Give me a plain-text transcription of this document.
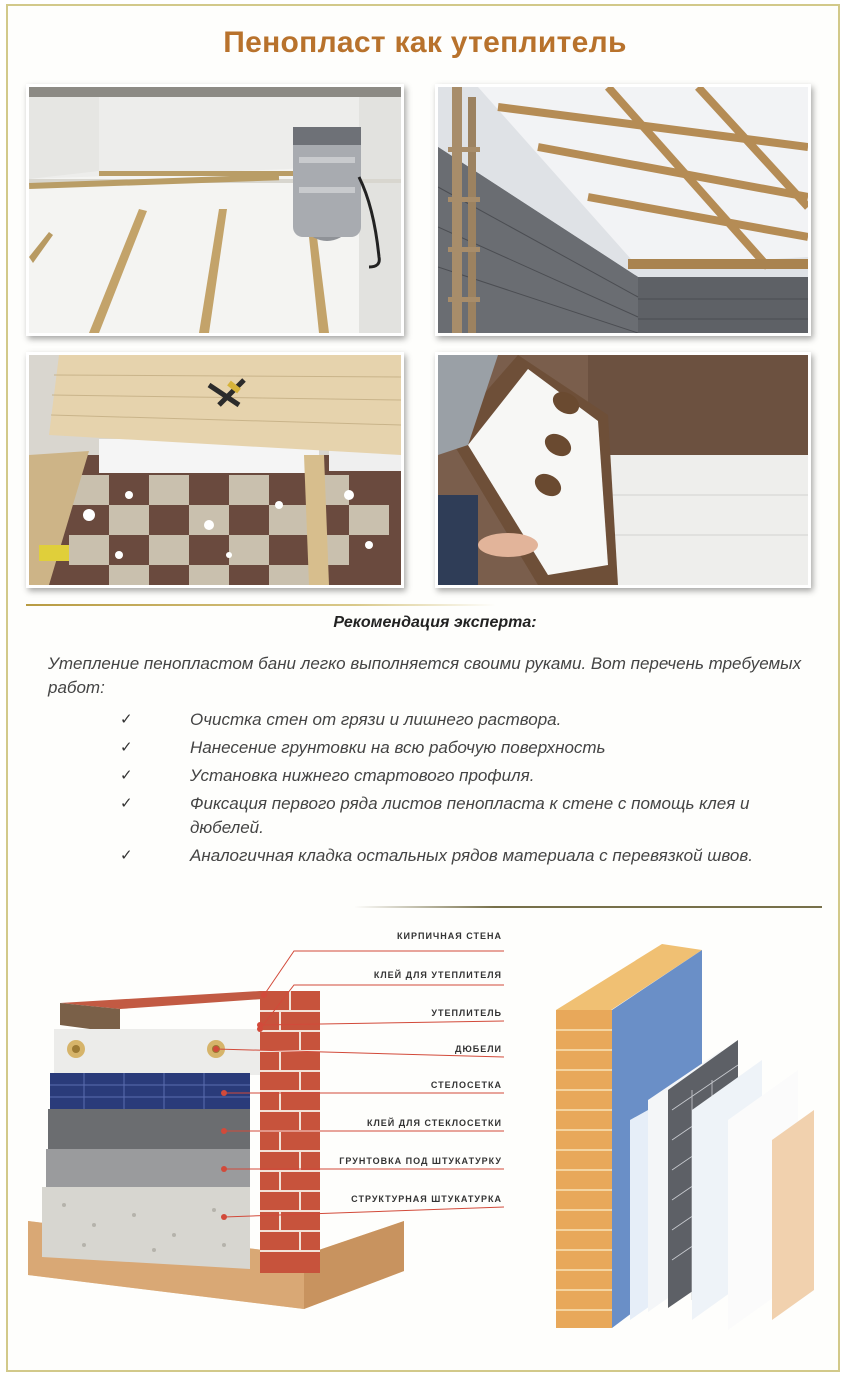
Пенопласт как утеплитель
Рекомендация эксперта:
Утепление пенопластом бани легко выполняется своими руками. Вот перечень требуемых работ:
✓	Очистка стен от грязи и лишнего раствора.
✓	Нанесение грунтовки на всю рабочую поверхность
✓	Установка нижнего стартового профиля.
✓	Фиксация первого ряда листов пенопласта к стене с помощь клея и дюбелей.
✓	Аналогичная кладка остальных рядов материала с перевязкой швов.
КИРПИЧНАЯ СТЕНА
КЛЕЙ ДЛЯ УТЕПЛИТЕЛЯ
УТЕПЛИТЕЛЬ
ДЮБЕЛИ
СТЕЛОСЕТКА
КЛЕЙ ДЛЯ СТЕКЛОСЕТКИ
ГРУНТОВКА ПОД ШТУКАТУРКУ
СТРУКТУРНАЯ ШТУКАТУРКА
